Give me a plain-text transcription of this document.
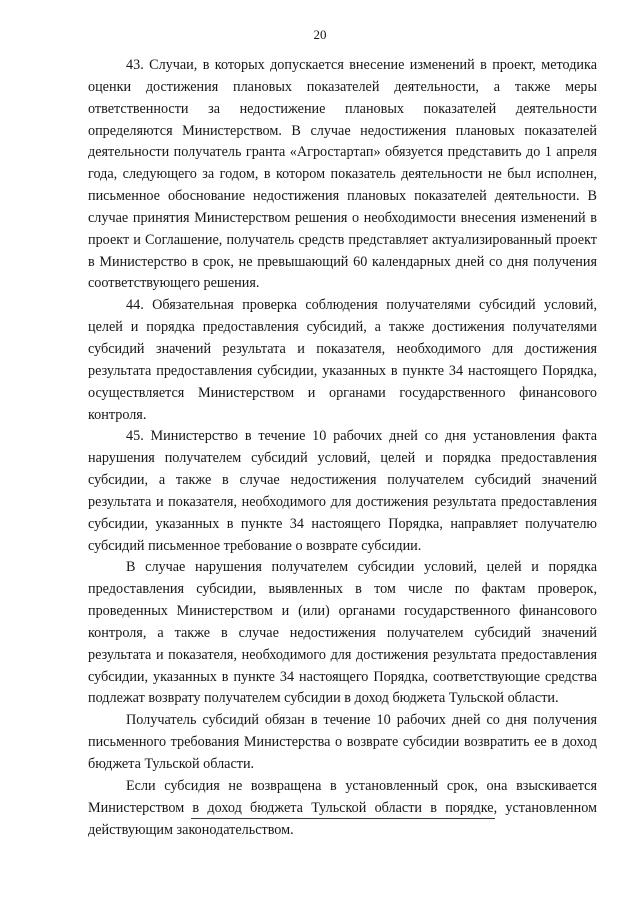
20

43. Случаи, в которых допускается внесение изменений в проект, методика оценки достижения плановых показателей деятельности, а также меры ответственности за недостижение плановых показателей деятельности определяются Министерством. В случае недостижения плановых показателей деятельности получатель гранта «Агростартап» обязуется представить до 1 апреля года, следующего за годом, в котором показатель деятельности не был исполнен, письменное обоснование недостижения плановых показателей деятельности. В случае принятия Министерством решения о необходимости внесения изменений в проект и Соглашение, получатель средств представляет актуализированный проект в Министерство в срок, не превышающий 60 календарных дней со дня получения соответствующего решения.

44. Обязательная проверка соблюдения получателями субсидий условий, целей и порядка предоставления субсидий, а также достижения получателями субсидий значений результата и показателя, необходимого для достижения результата предоставления субсидии, указанных в пункте 34 настоящего Порядка, осуществляется Министерством и органами государственного финансового контроля.

45. Министерство в течение 10 рабочих дней со дня установления факта нарушения получателем субсидий условий, целей и порядка предоставления субсидии, а также в случае недостижения получателем субсидий значений результата и показателя, необходимого для достижения результата предоставления субсидии, указанных в пункте 34 настоящего Порядка, направляет получателю субсидий письменное требование о возврате субсидии.

В случае нарушения получателем субсидии условий, целей и порядка предоставления субсидии, выявленных в том числе по фактам проверок, проведенных Министерством и (или) органами государственного финансового контроля, а также в случае недостижения получателем субсидий значений результата и показателя, необходимого для достижения результата предоставления субсидии, указанных в пункте 34 настоящего Порядка, соответствующие средства подлежат возврату получателем субсидии в доход бюджета Тульской области.

Получатель субсидий обязан в течение 10 рабочих дней со дня получения письменного требования Министерства о возврате субсидии возвратить ее в доход бюджета Тульской области.

Если субсидия не возвращена в установленный срок, она взыскивается Министерством в доход бюджета Тульской области в порядке, установленном действующим законодательством.
